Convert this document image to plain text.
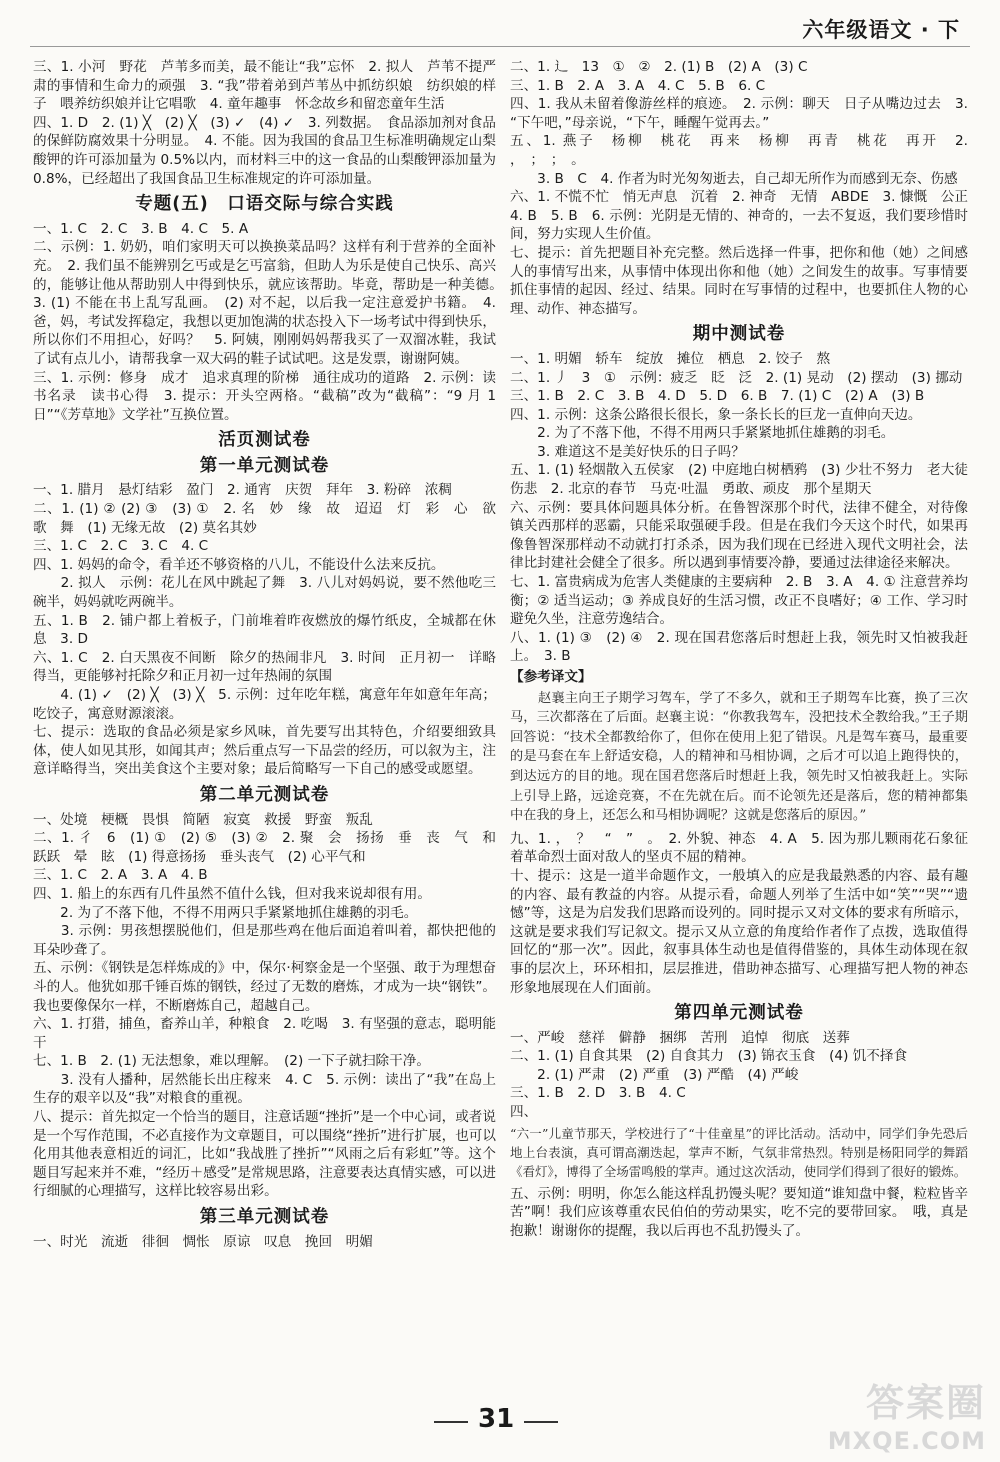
六年级语文 · 下

三、1. 小河　野花　芦苇多而美，最不能让“我”忘怀　2. 拟人　芦苇不提严肃的事情和生命力的顽强　3. “我”带着弟到芦苇丛中抓纺织娘　纺织娘的样子　喂养纺织娘并让它唱歌　4. 童年趣事　怀念故乡和留恋童年生活

四、1. D　2. (1) ╳　(2) ╳　(3) ✓　(4) ✓　3. 列数据。　食品添加剂对食品的保鲜防腐效果十分明显。　4. 不能。因为我国的食品卫生标准明确规定山梨酸钾的许可添加量为 0.5%以内，而材料三中的这一食品的山梨酸钾添加量为 0.8%，已经超出了我国食品卫生标准规定的许可添加量。

专题(五)　口语交际与综合实践

一、1. C　2. C　3. B　4. C　5. A

二、示例：1. 奶奶，咱们家明天可以换换菜品吗？这样有利于营养的全面补充。　2. 我们虽不能辨别乞丐或是乞丐富翁，但助人为乐是使自己快乐、高兴的，能够让他从帮助别人中得到快乐，就应该帮助。毕竟，帮助是一种美德。　3. (1) 不能在书上乱写乱画。　(2) 对不起，以后我一定注意爱护书籍。　4. 爸，妈，考试发挥稳定，我想以更加饱满的状态投入下一场考试中得到快乐，所以你们不用担心，好吗？　5. 阿姨，刚刚妈妈帮我买了一双溜冰鞋，我试了试有点儿小，请帮我拿一双大码的鞋子试试吧。这是发票，谢谢阿姨。

三、1. 示例：修身　成才　追求真理的阶梯　通往成功的道路　2. 示例：读书名录　读书心得　3. 提示：开头空两格。“截稿”改为“截稿”：“9 月 1 日”“《芳草地》文学社”互换位置。

活页测试卷

第一单元测试卷

一、1. 腊月　悬灯结彩　盈门　2. 通宵　庆贺　拜年　3. 粉碎　浓稠

二、1. (1) ② (2) ③　(3) ①　2. 名　妙　缘　故　迢迢　灯　彩　心　欲　歌　舞　(1) 无缘无故　(2) 莫名其妙

三、1. C　2. C　3. C　4. C

四、1. 妈妈的命令，看羊还不够资格的八儿，不能设什么法来反抗。

　　2. 拟人　示例：花儿在风中跳起了舞　3. 八儿对妈妈说，要不然他吃三碗半，妈妈就吃两碗半。

五、1. B　2. 铺户都上着板子，门前堆着昨夜燃放的爆竹纸皮，全城都在休息　3. D

六、1. C　2. 白天黑夜不间断　除夕的热闹非凡　3. 时间　正月初一　详略得当，更能够衬托除夕和正月初一过年热闹的氛围

　　4. (1) ✓　(2) ╳　(3) ╳　5. 示例：过年吃年糕，寓意年年如意年年高；吃饺子，寓意财源滚滚。

七、提示：选取的食品必须是家乡风味，首先要写出其特色，介绍要细致具体，使人如见其形，如闻其声；然后重点写一下品尝的经历，可以叙为主，注意详略得当，突出美食这个主要对象；最后简略写一下自己的感受或愿望。

第二单元测试卷

一、处境　梗概　畏惧　简陋　寂寞　救援　野蛮　叛乱

二、1. 彳　6　(1) ①　(2) ⑤　(3) ②　2. 聚　会　扬扬　垂　丧　气　和　跃跃　晕　眩　(1) 得意扬扬　垂头丧气　(2) 心平气和

三、1. C　2. A　3. A　4. B

四、1. 船上的东西有几件虽然不值什么钱，但对我来说却很有用。

　　2. 为了不落下他，不得不用两只手紧紧地抓住雄鹅的羽毛。

　　3. 示例：男孩想摆脱他们，但是那些鸡在他后面追着叫着，都快把他的耳朵吵聋了。

五、示例：《钢铁是怎样炼成的》中，保尔·柯察金是一个坚强、敢于为理想奋斗的人。他犹如那千锤百炼的钢铁，经过了无数的磨炼，才成为一块“钢铁”。我也要像保尔一样，不断磨炼自己，超越自己。

六、1. 打猎，捕鱼，畜养山羊，种粮食　2. 吃喝　3. 有坚强的意志，聪明能干

七、1. B　2. (1) 无法想象，难以理解。　(2) 一下子就扫除干净。

　　3. 没有人播种，居然能长出庄稼来　4. C　5. 示例：读出了“我”在岛上生存的艰辛以及“我”对粮食的重视。

八、提示：首先拟定一个恰当的题目，注意话题“挫折”是一个中心词，或者说是一个写作范围，不必直接作为文章题目，可以围绕“挫折”进行扩展，也可以化用其他表意相近的词汇，比如“我战胜了挫折”“风雨之后有彩虹”等。这个题目写起来并不难，“经历＋感受”是常规思路，注意要表达真情实感，可以进行细腻的心理描写，这样比较容易出彩。

第三单元测试卷

一、时光　流逝　徘徊　惆怅　原谅　叹息　挽回　明媚

二、1. 辶　13　①　②　2. (1) B　(2) A　(3) C

三、1. B　2. A　3. A　4. C　5. B　6. C

四、1. 我从未留着像游丝样的痕迹。　2. 示例：聊天　日子从嘴边过去　3. “下午吧，”母亲说，“下午，睡醒午觉再去。”

五、1. 燕子　杨柳　桃花　再来　杨柳　再青　桃花　再开　2. ，　；　；　。

　　3. B　C　4. 作者为时光匆匆逝去，自己却无所作为而感到无奈、伤感

六、1. 不慌不忙　悄无声息　沉着　2. 神奇　无情　ABDE　3. 慷慨　公正　4. B　5. B　6. 示例：光阴是无情的、神奇的，一去不复返，我们要珍惜时间，努力实现人生价值。

七、提示：首先把题目补充完整。然后选择一件事，把你和他（她）之间感人的事情写出来，从事情中体现出你和他（她）之间发生的故事。写事情要抓住事情的起因、经过、结果。同时在写事情的过程中，也要抓住人物的心理、动作、神态描写。

期中测试卷

一、1. 明媚　轿车　绽放　摊位　栖息　2. 饺子　熬

二、1. 丿　3　①　示例：疲乏　眨　泛　2. (1) 晃动　(2) 摆动　(3) 挪动

三、1. B　2. C　3. B　4. D　5. D　6. B　7. (1) C　(2) A　(3) B

四、1. 示例：这条公路很长很长，象一条长长的巨龙一直伸向天边。

　　2. 为了不落下他，不得不用两只手紧紧地抓住雄鹅的羽毛。

　　3. 难道这不是美好快乐的日子吗？

五、1. (1) 轻烟散入五侯家　(2) 中庭地白树栖鸦　(3) 少壮不努力　老大徒伤悲　2. 北京的春节　马克·吐温　勇敢、顽皮　那个星期天

六、示例：要具体问题具体分析。在鲁智深那个时代，法律不健全，对待像镇关西那样的恶霸，只能采取强硬手段。但是在我们今天这个时代，如果再像鲁智深那样动不动就打打杀杀，因为我们现在已经进入现代文明社会，法律比封建社会健全了很多。所以遇到事情要冷静，要通过法律途径来解决。

七、1. 富贵病成为危害人类健康的主要病种　2. B　3. A　4. ① 注意营养均衡；② 适当运动；③ 养成良好的生活习惯，改正不良嗜好；④ 工作、学习时避免久坐，注意劳逸结合。

八、1. (1) ③　(2) ④　2. 现在国君您落后时想赶上我，领先时又怕被我赶上。　3. B

【参考译文】

赵襄主向王子期学习驾车，学了不多久，就和王子期驾车比赛，换了三次马，三次都落在了后面。赵襄主说：“你教我驾车，没把技术全教给我。”王子期回答说：“技术全都教给你了，但你在使用上犯了错误。凡是驾车赛马，最重要的是马套在车上舒适安稳，人的精神和马相协调，之后才可以追上跑得快的，到达远方的目的地。现在国君您落后时想赶上我，领先时又怕被我赶上。实际上引导上路，远途竞赛，不在先就在后。而不论领先还是落后，您的精神都集中在我的身上，还怎么和马相协调呢？这就是您落后的原因。”

九、1. ，　？　“　”　。　2. 外貌、神态　4. A　5. 因为那儿颗雨花石象征着革命烈士面对敌人的坚贞不屈的精神。

十、提示：这是一道半命题作文，一般填入的应是我最熟悉的内容、最有趣的内容、最有教益的内容。从提示看，命题人列举了生活中如“笑”“哭”“遗憾”等，这是为启发我们思路而设列的。同时提示又对文体的要求有所暗示，这就是要求我们写记叙文。提示又从立意的角度给作者作了点拨，选取值得回忆的“那一次”。因此，叙事具体生动也是值得借鉴的，具体生动体现在叙事的层次上，环环相扣，层层推进，借助神态描写、心理描写把人物的神态形象地展现在人们面前。

第四单元测试卷

一、严峻　慈祥　僻静　捆绑　苦刑　追悼　彻底　送葬

二、1. (1) 自食其果　(2) 自食其力　(3) 锦衣玉食　(4) 饥不择食

　　2. (1) 严肃　(2) 严重　(3) 严酷　(4) 严峻

三、1. B　2. D　3. B　4. C

四、

“六一”儿童节那天，学校进行了“十佳童星”的评比活动。活动中，同学们争先恐后地上台表演，真可谓高潮迭起，掌声不断，气氛非常热烈。特别是杨阳同学的舞蹈《看灯》，博得了全场雷鸣般的掌声。通过这次活动，使同学们得到了很好的锻炼。

五、示例：明明，你怎么能这样乱扔馒头呢？要知道“谁知盘中餐，粒粒皆辛苦”啊！我们应该尊重农民伯伯的劳动果实，吃不完的要带回家。　哦，真是抱歉！谢谢你的提醒，我以后再也不乱扔馒头了。

31	答案圈
MXQE.COM
